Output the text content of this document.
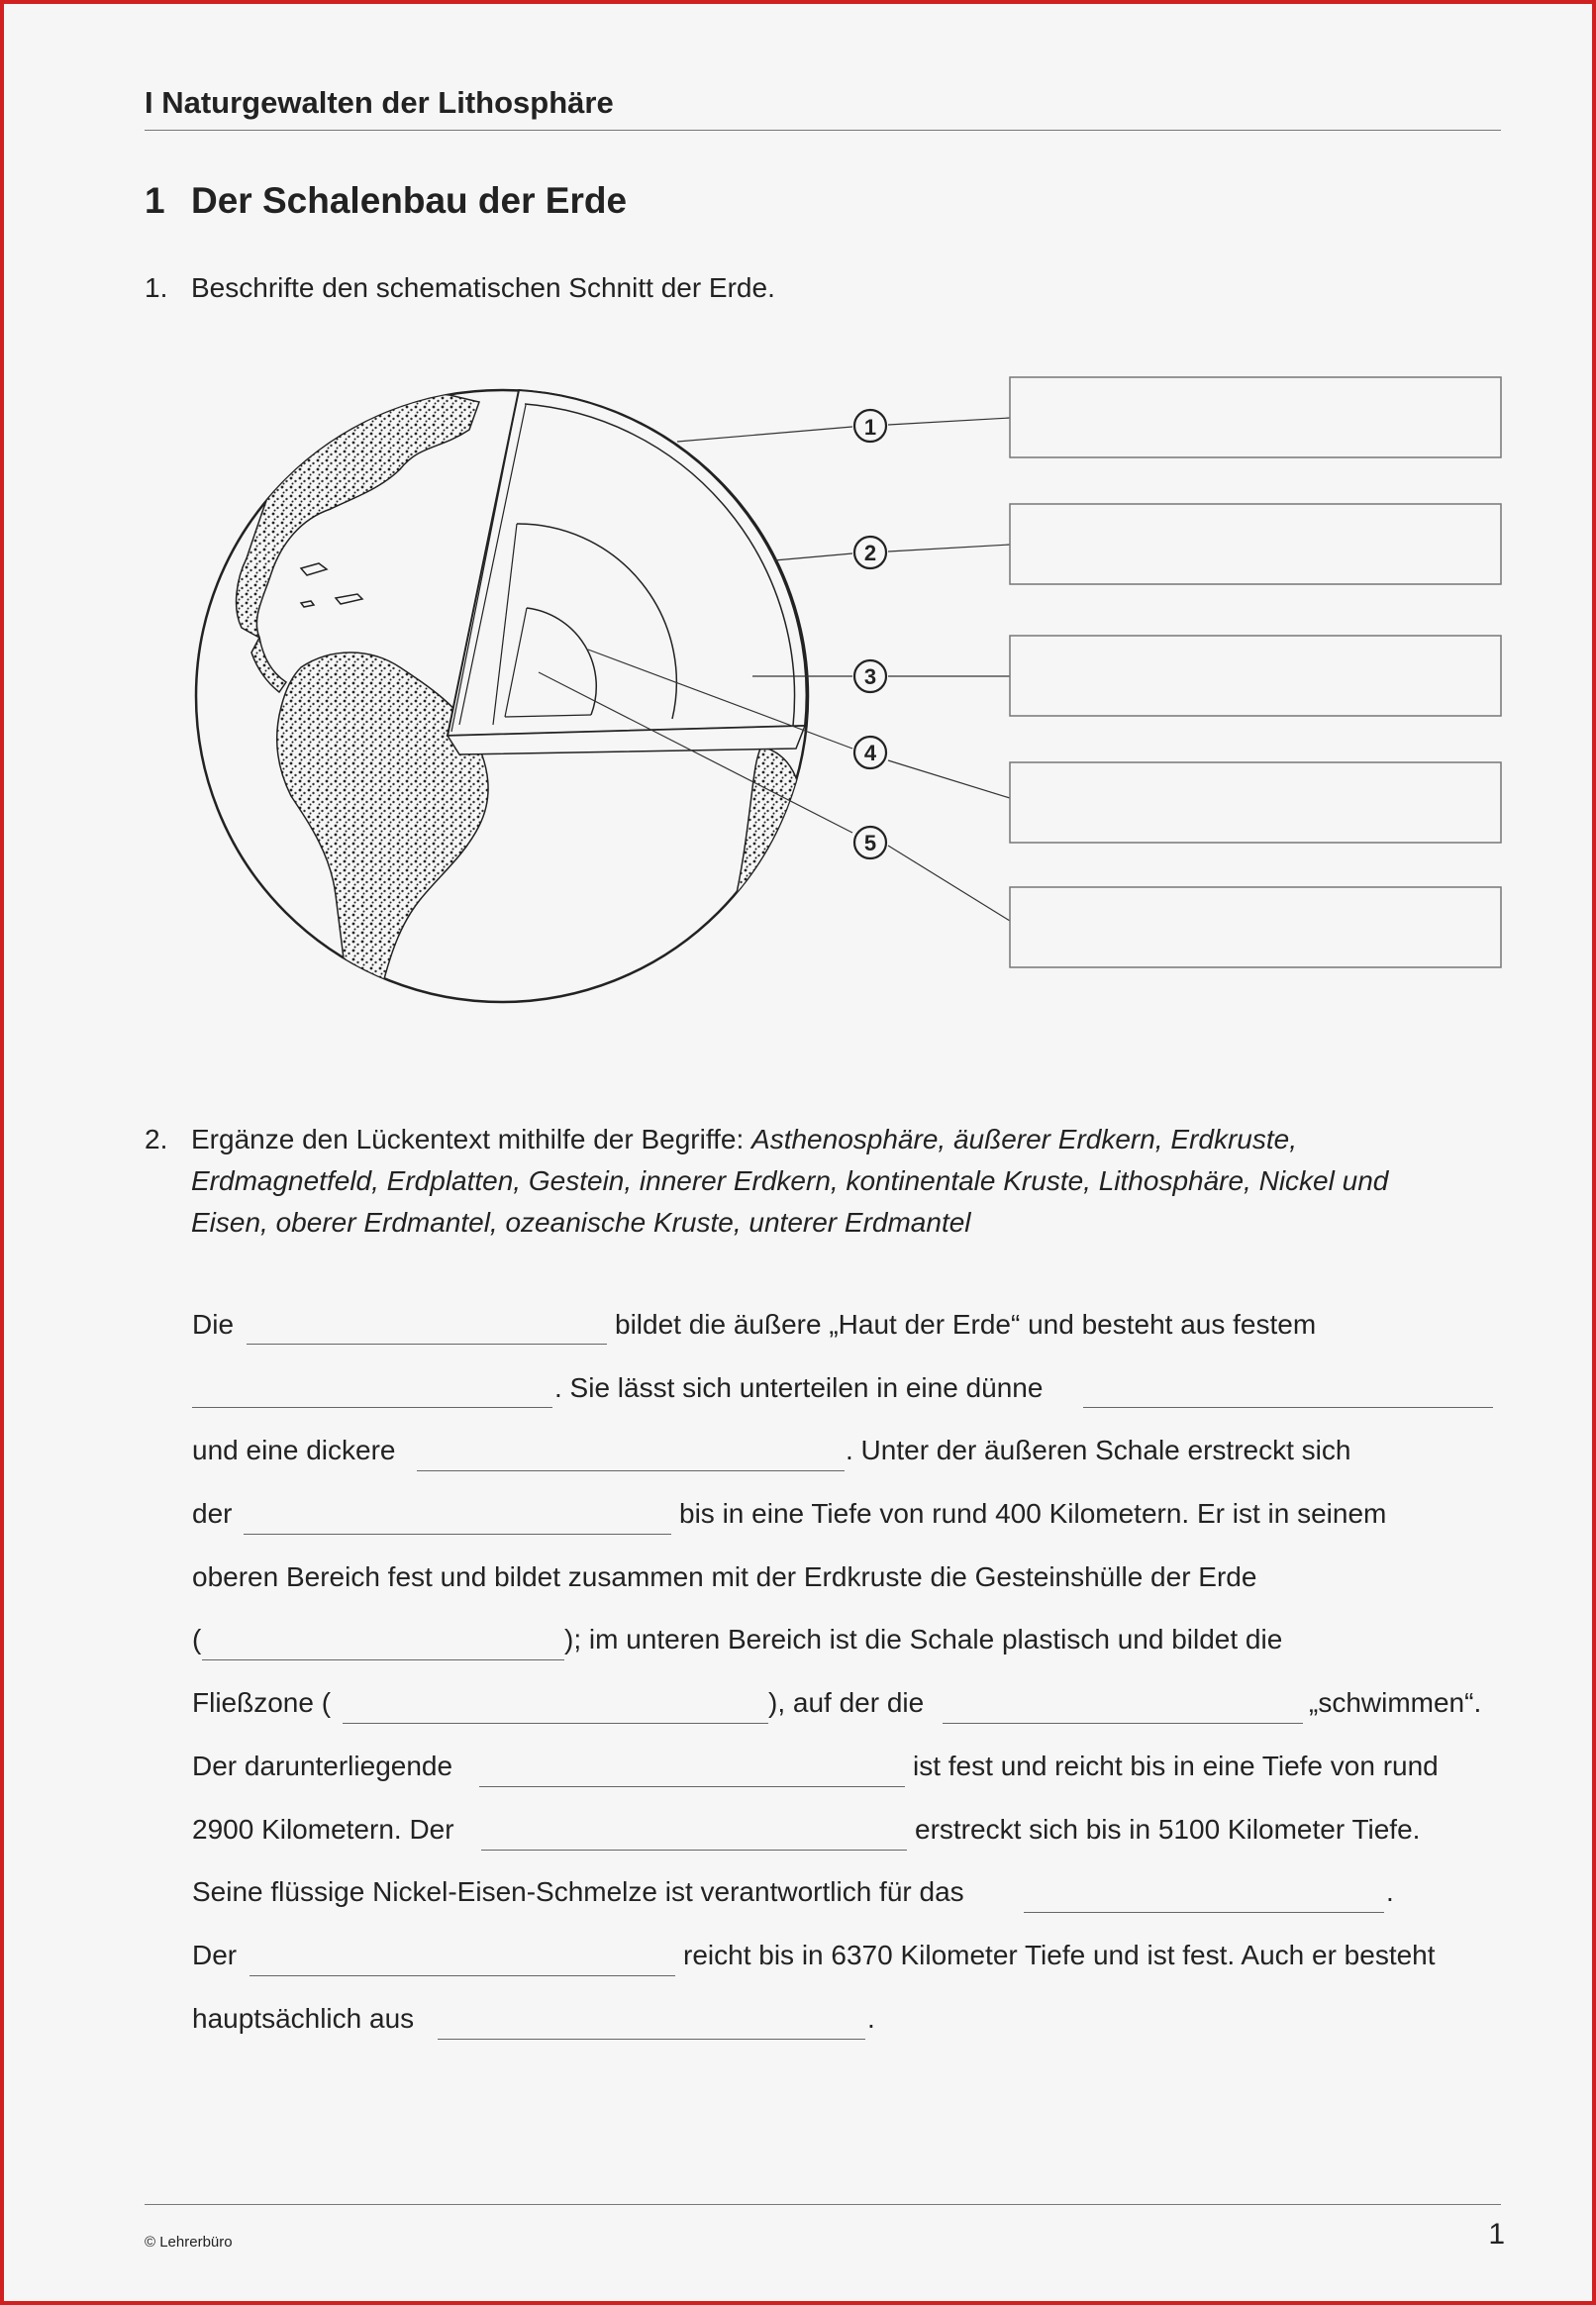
I Naturgewalten der Lithosphäre
1 Der Schalenbau der Erde
1. Beschrifte den schematischen Schnitt der Erde.
1
2
3
4
5
2. Ergänze den Lückentext mithilfe der Begriffe: Asthenosphäre, äußerer Erdkern, Erdkruste, Erdmagnetfeld, Erdplatten, Gestein, innerer Erdkern, kontinentale Kruste, Lithosphäre, Nickel und Eisen, oberer Erdmantel, ozeanische Kruste, unterer Erdmantel
Die	bildet die äußere „Haut der Erde“ und besteht aus festem
. Sie lässt sich unterteilen in eine dünne
und eine dickere	. Unter der äußeren Schale erstreckt sich
der	bis in eine Tiefe von rund 400 Kilometern. Er ist in seinem
oberen Bereich fest und bildet zusammen mit der Erdkruste die Gesteinshülle der Erde
(	); im unteren Bereich ist die Schale plastisch und bildet die
Fließzone (	), auf der die	„schwimmen“.
Der darunterliegende	ist fest und reicht bis in eine Tiefe von rund
2900 Kilometern. Der	erstreckt sich bis in 5100 Kilometer Tiefe.
Seine flüssige Nickel-Eisen-Schmelze ist verantwortlich für das	.
Der	reicht bis in 6370 Kilometer Tiefe und ist fest. Auch er besteht
hauptsächlich aus	.
© Lehrerbüro	1
